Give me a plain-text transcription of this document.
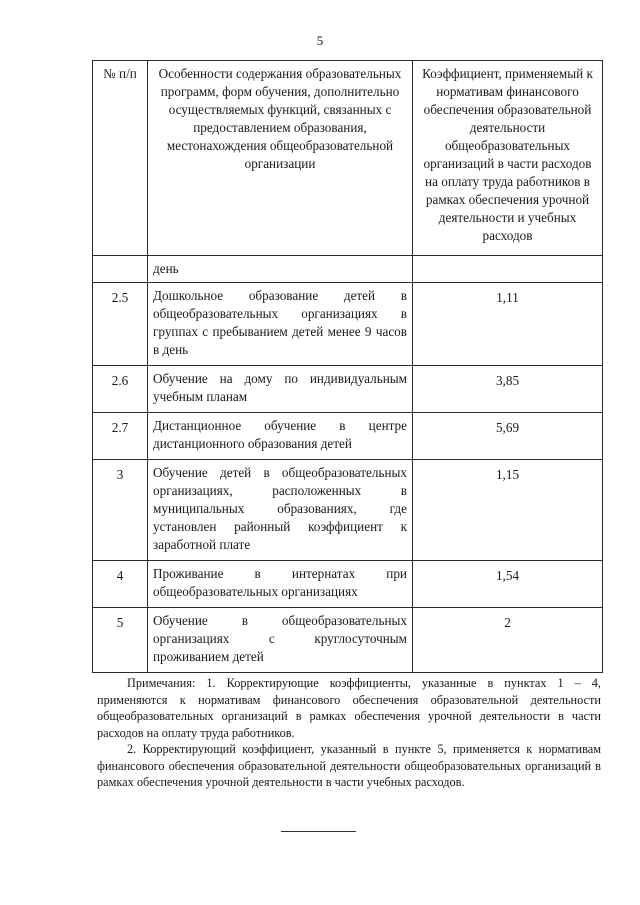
5
№ п/п	Особенности содержания образовательных программ, форм обучения, дополнительно осуществляемых функций, связанных с предоставлением образования, местонахождения общеобразовательной организации	Коэффициент, применяемый к нормативам финансового обеспечения образовательной деятельности общеобразовательных организаций в части расходов на оплату труда работников в рамках обеспечения урочной деятельности и учебных расходов
	день	
2.5	Дошкольное образование детей в общеобразовательных организациях в группах с пребыванием детей менее 9 часов в день	1,11
2.6	Обучение на дому по индивидуальным учебным планам	3,85
2.7	Дистанционное обучение в центре дистанционного образования детей	5,69
3	Обучение детей в общеобразовательных организациях, расположенных в муниципальных образованиях, где установлен районный коэффициент к заработной плате	1,15
4	Проживание в интернатах при общеобразовательных организациях	1,54
5	Обучение в общеобразовательных организациях с круглосуточным проживанием детей	2

Примечания: 1. Корректирующие коэффициенты, указанные в пунктах 1 – 4, применяются к нормативам финансового обеспечения образовательной деятельности общеобразовательных организаций в рамках обеспечения урочной деятельности в части расходов на оплату труда работников.

2. Корректирующий коэффициент, указанный в пункте 5, применяется к нормативам финансового обеспечения образовательной деятельности общеобразовательных организаций в рамках обеспечения урочной деятельности в части учебных расходов.
